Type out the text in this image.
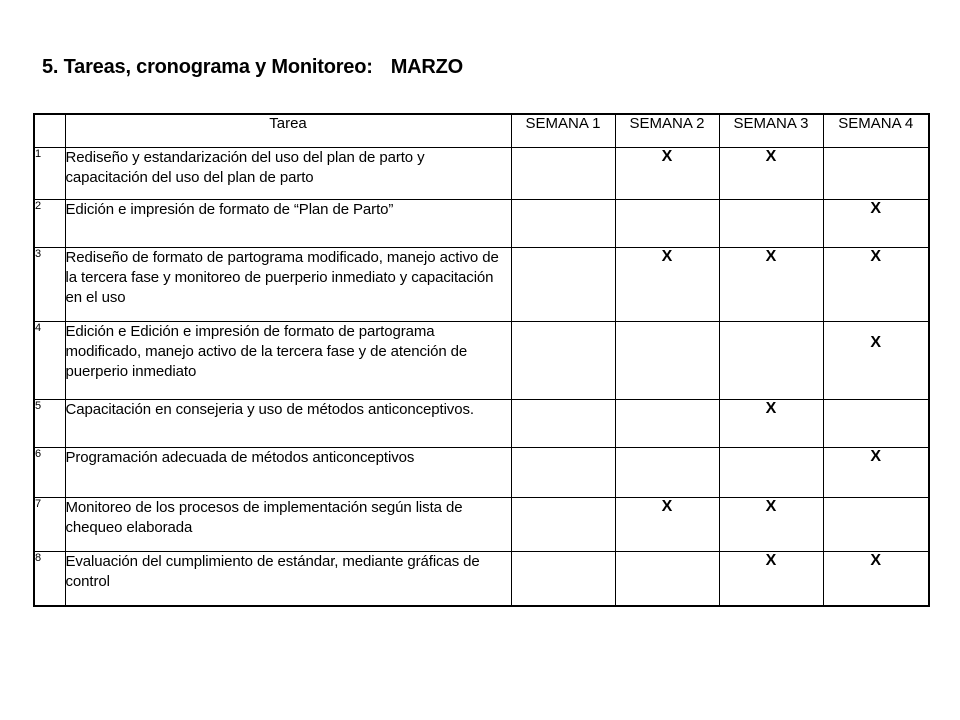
5. Tareas, cronograma y Monitoreo: MARZO
	Tarea	SEMANA 1	SEMANA 2	SEMANA 3	SEMANA 4
1	Rediseño y estandarización del uso del plan de parto y capacitación del uso del plan de parto		X	X	
2	Edición e impresión de formato de “Plan de Parto”				X
3	Rediseño de formato de partograma modificado, manejo activo de la tercera fase y monitoreo de puerperio inmediato y capacitación en el uso		X	X	X
4	Edición e Edición e impresión de formato de partograma modificado, manejo activo de la tercera fase y de atención de puerperio inmediato				X
5	Capacitación en consejeria y uso de métodos anticonceptivos.			X	
6	Programación adecuada de métodos anticonceptivos				X
7	Monitoreo de los procesos de implementación según lista de chequeo elaborada		X	X	
8	Evaluación del cumplimiento de estándar, mediante gráficas de control			X	X
